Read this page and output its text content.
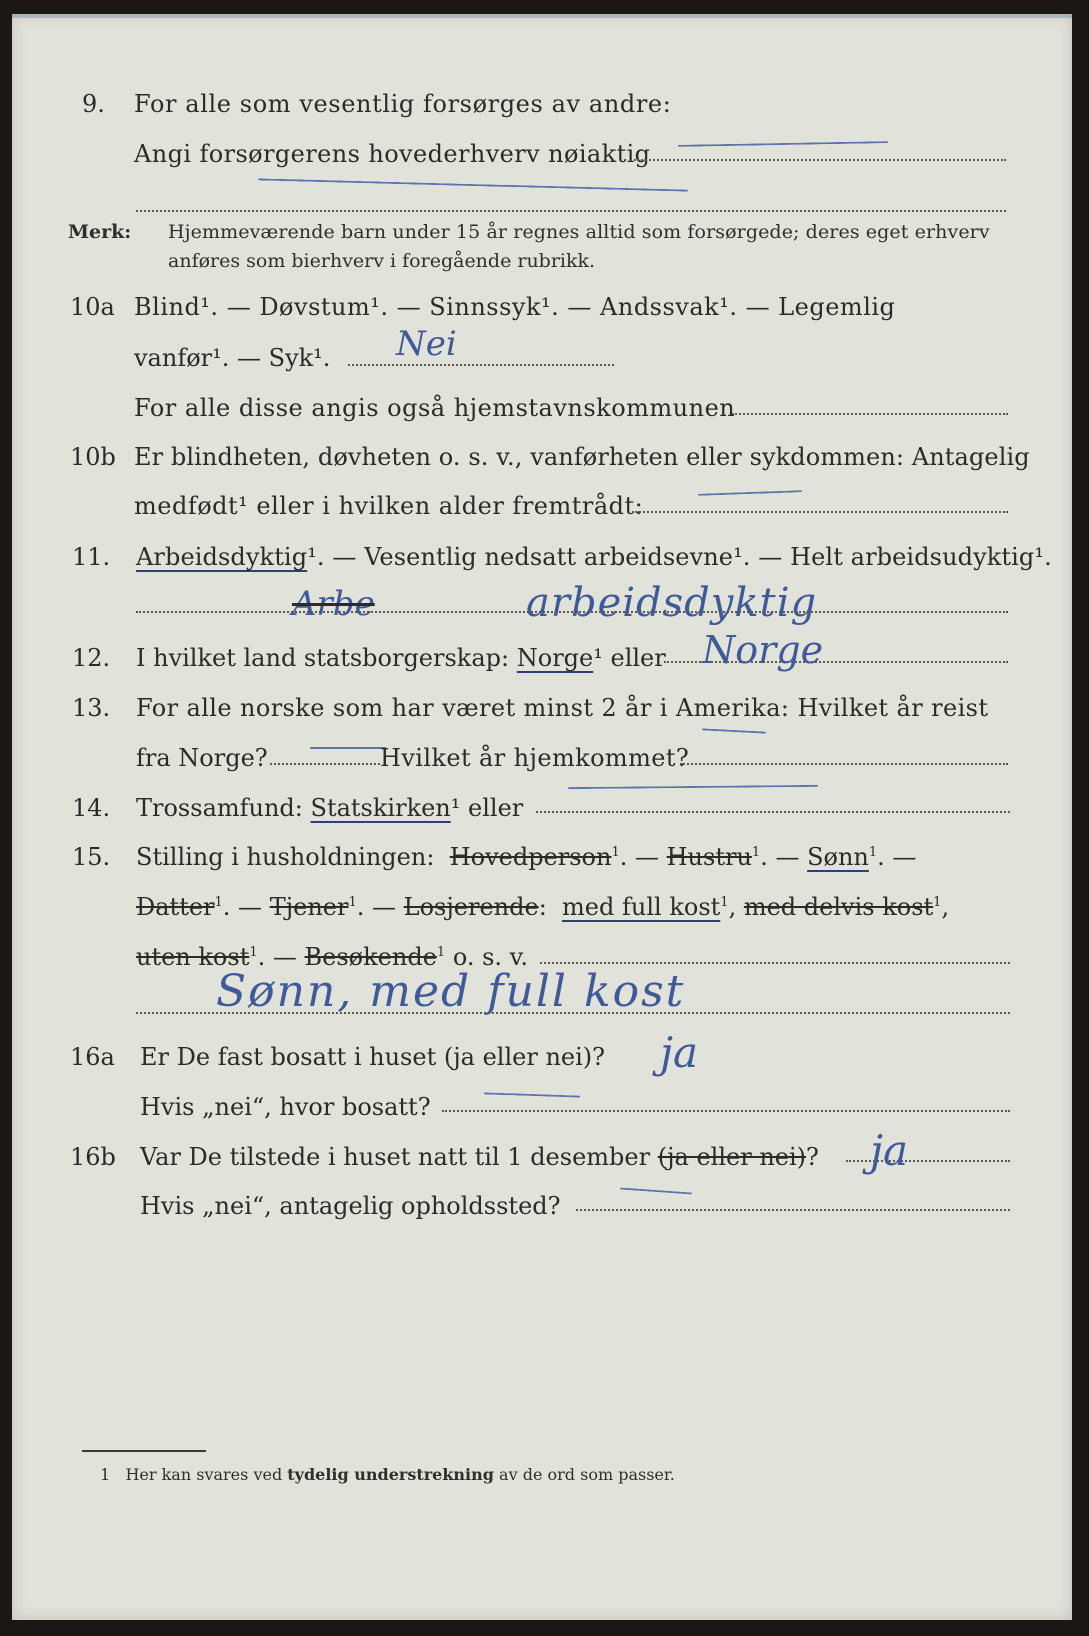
9. For alle som vesentlig forsørges av andre:
Angi forsørgerens hovederhverv nøiaktig
Merk: Hjemmeværende barn under 15 år regnes alltid som forsørgede; deres eget erhverv
anføres som bierhverv i foregående rubrikk.
10a Blind¹. — Døvstum¹. — Sinnssyk¹. — Andssvak¹. — Legemlig
vanfør¹. — Syk¹. Nei
For alle disse angis også hjemstavnskommunen
10b Er blindheten, døvheten o. s. v., vanførheten eller sykdommen: Antagelig
medfødt¹ eller i hvilken alder fremtrådt:
11. Arbeidsdyktig¹. — Vesentlig nedsatt arbeidsevne¹. — Helt arbeidsudyktig¹.
Arbe	arbeidsdyktig
12. I hvilket land statsborgerskap: Norge¹ eller Norge
13. For alle norske som har været minst 2 år i Amerika: Hvilket år reist
fra Norge?	Hvilket år hjemkommet?
14. Trossamfund: Statskirken¹ eller
15. Stilling i husholdningen: Hovedperson$^1$. — Hustru$^1$. — Sønn$^1$. —
Datter$^1$. — Tjener$^1$. — Losjerende:  med full kost$^1$, med delvis kost$^1$,
uten kost$^1$. — Besøkende$^1$ o. s. v.
Sønn, med full kost
16a Er De fast bosatt i huset (ja eller nei)? ja
Hvis „nei“, hvor bosatt?
16b Var De tilstede i huset natt til 1 desember (ja eller nei)? ja
Hvis „nei“, antagelig opholdssted?
1 Her kan svares ved tydelig understrekning av de ord som passer.
